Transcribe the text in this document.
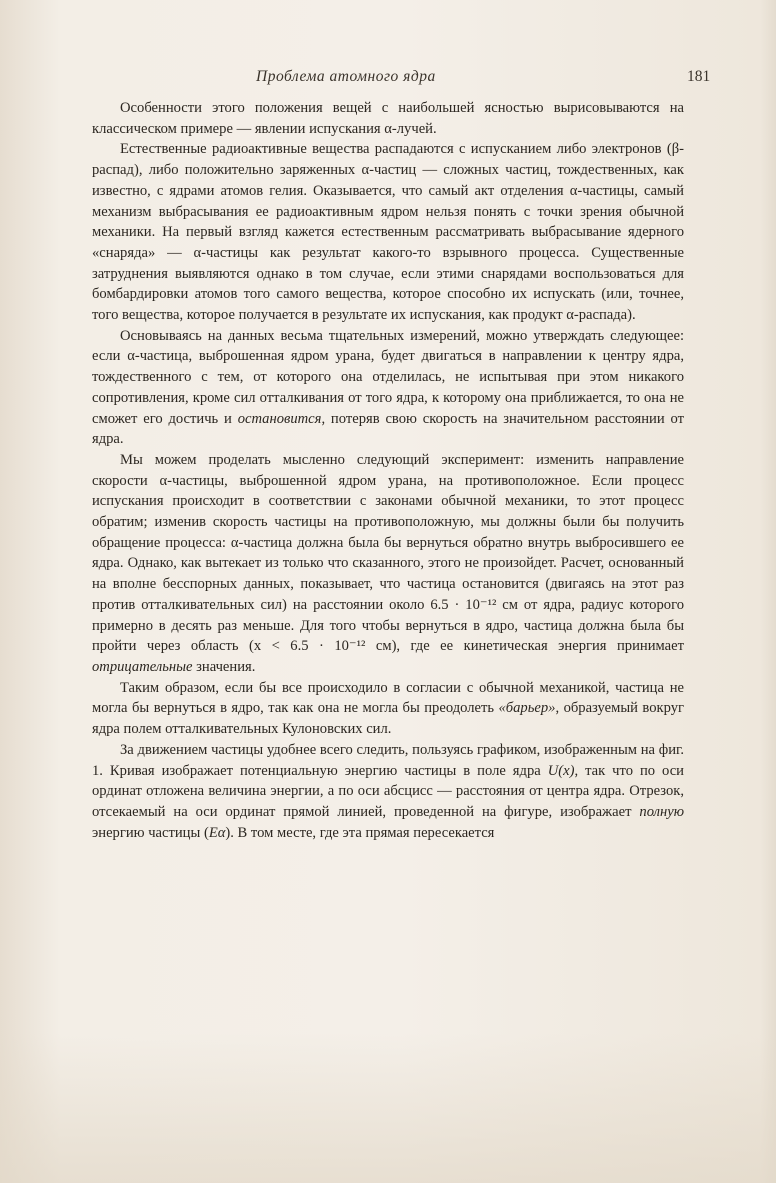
Проблема атомного ядра	181

Особенности этого положения вещей с наибольшей ясностью вырисовываются на классическом примере — явлении испускания α-лучей.

Естественные радиоактивные вещества распадаются с испусканием либо электронов (β-распад), либо положительно заряженных α-частиц — сложных частиц, тождественных, как известно, с ядрами атомов гелия. Оказывается, что самый акт отделения α-частицы, самый механизм выбрасывания ее радиоактивным ядром нельзя понять с точки зрения обычной механики. На первый взгляд кажется естественным рассматривать выбрасывание ядерного «снаряда» — α-частицы как результат какого-то взрывного процесса. Существенные затруднения выявляются однако в том случае, если этими снарядами воспользоваться для бомбардировки атомов того самого вещества, которое способно их испускать (или, точнее, того вещества, которое получается в результате их испускания, как продукт α-распада).

Основываясь на данных весьма тщательных измерений, можно утверждать следующее: если α-частица, выброшенная ядром урана, будет двигаться в направлении к центру ядра, тождественного с тем, от которого она отделилась, не испытывая при этом никакого сопротивления, кроме сил отталкивания от того ядра, к которому она приближается, то она не сможет его достичь и остановится, потеряв свою скорость на значительном расстоянии от ядра.

Мы можем проделать мысленно следующий эксперимент: изменить направление скорости α-частицы, выброшенной ядром урана, на противоположное. Если процесс испускания происходит в соответствии с законами обычной механики, то этот процесс обратим; изменив скорость частицы на противоположную, мы должны были бы получить обращение процесса: α-частица должна была бы вернуться обратно внутрь выбросившего ее ядра. Однако, как вытекает из только что сказанного, этого не произойдет. Расчет, основанный на вполне бесспорных данных, показывает, что частица остановится (двигаясь на этот раз против отталкивательных сил) на расстоянии около 6.5 · 10⁻¹² см от ядра, радиус которого примерно в десять раз меньше. Для того чтобы вернуться в ядро, частица должна была бы пройти через область (x < 6.5 · 10⁻¹² см), где ее кинетическая энергия принимает отрицательные значения.

Таким образом, если бы все происходило в согласии с обычной механикой, частица не могла бы вернуться в ядро, так как она не могла бы преодолеть «барьер», образуемый вокруг ядра полем отталкивательных Кулоновских сил.

За движением частицы удобнее всего следить, пользуясь графиком, изображенным на фиг. 1. Кривая изображает потенциальную энергию частицы в поле ядра U(x), так что по оси ординат отложена величина энергии, а по оси абсцисс — расстояния от центра ядра. Отрезок, отсекаемый на оси ординат прямой линией, проведенной на фигуре, изображает полную энергию частицы (Eα). В том месте, где эта прямая пересекается
